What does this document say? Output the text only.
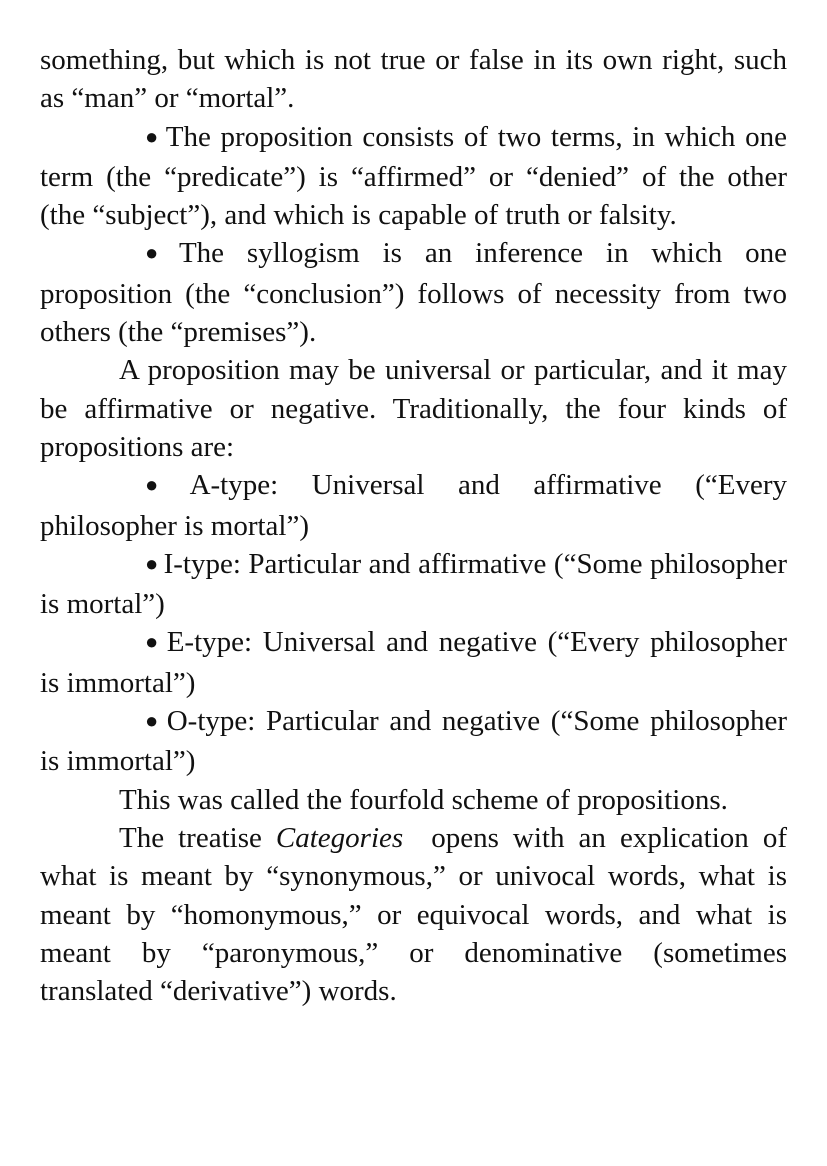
something, but which is not true or false in its own right, such as “man” or “mortal”.

● The proposition consists of two terms, in which one term (the “predicate”) is “affirmed” or “denied” of the other (the “subject”), and which is capable of truth or falsity.

● The syllogism is an inference in which one proposition (the “conclusion”) follows of necessity from two others (the “premises”).

A proposition may be universal or particular, and it may be affirmative or negative. Traditionally, the four kinds of propositions are:

● A-type: Universal and affirmative (“Every philosopher is mortal”)

● I-type: Particular and affirmative (“Some philosopher is mortal”)

● E-type: Universal and negative (“Every philosopher is immortal”)

● O-type: Particular and negative (“Some philosopher is immortal”)

This was called the fourfold scheme of propositions.

The treatise Categories opens with an explication of what is meant by “synonymous,” or univocal words, what is meant by “homonymous,” or equivocal words, and what is meant by “paronymous,” or denominative (sometimes translated “derivative”) words.
